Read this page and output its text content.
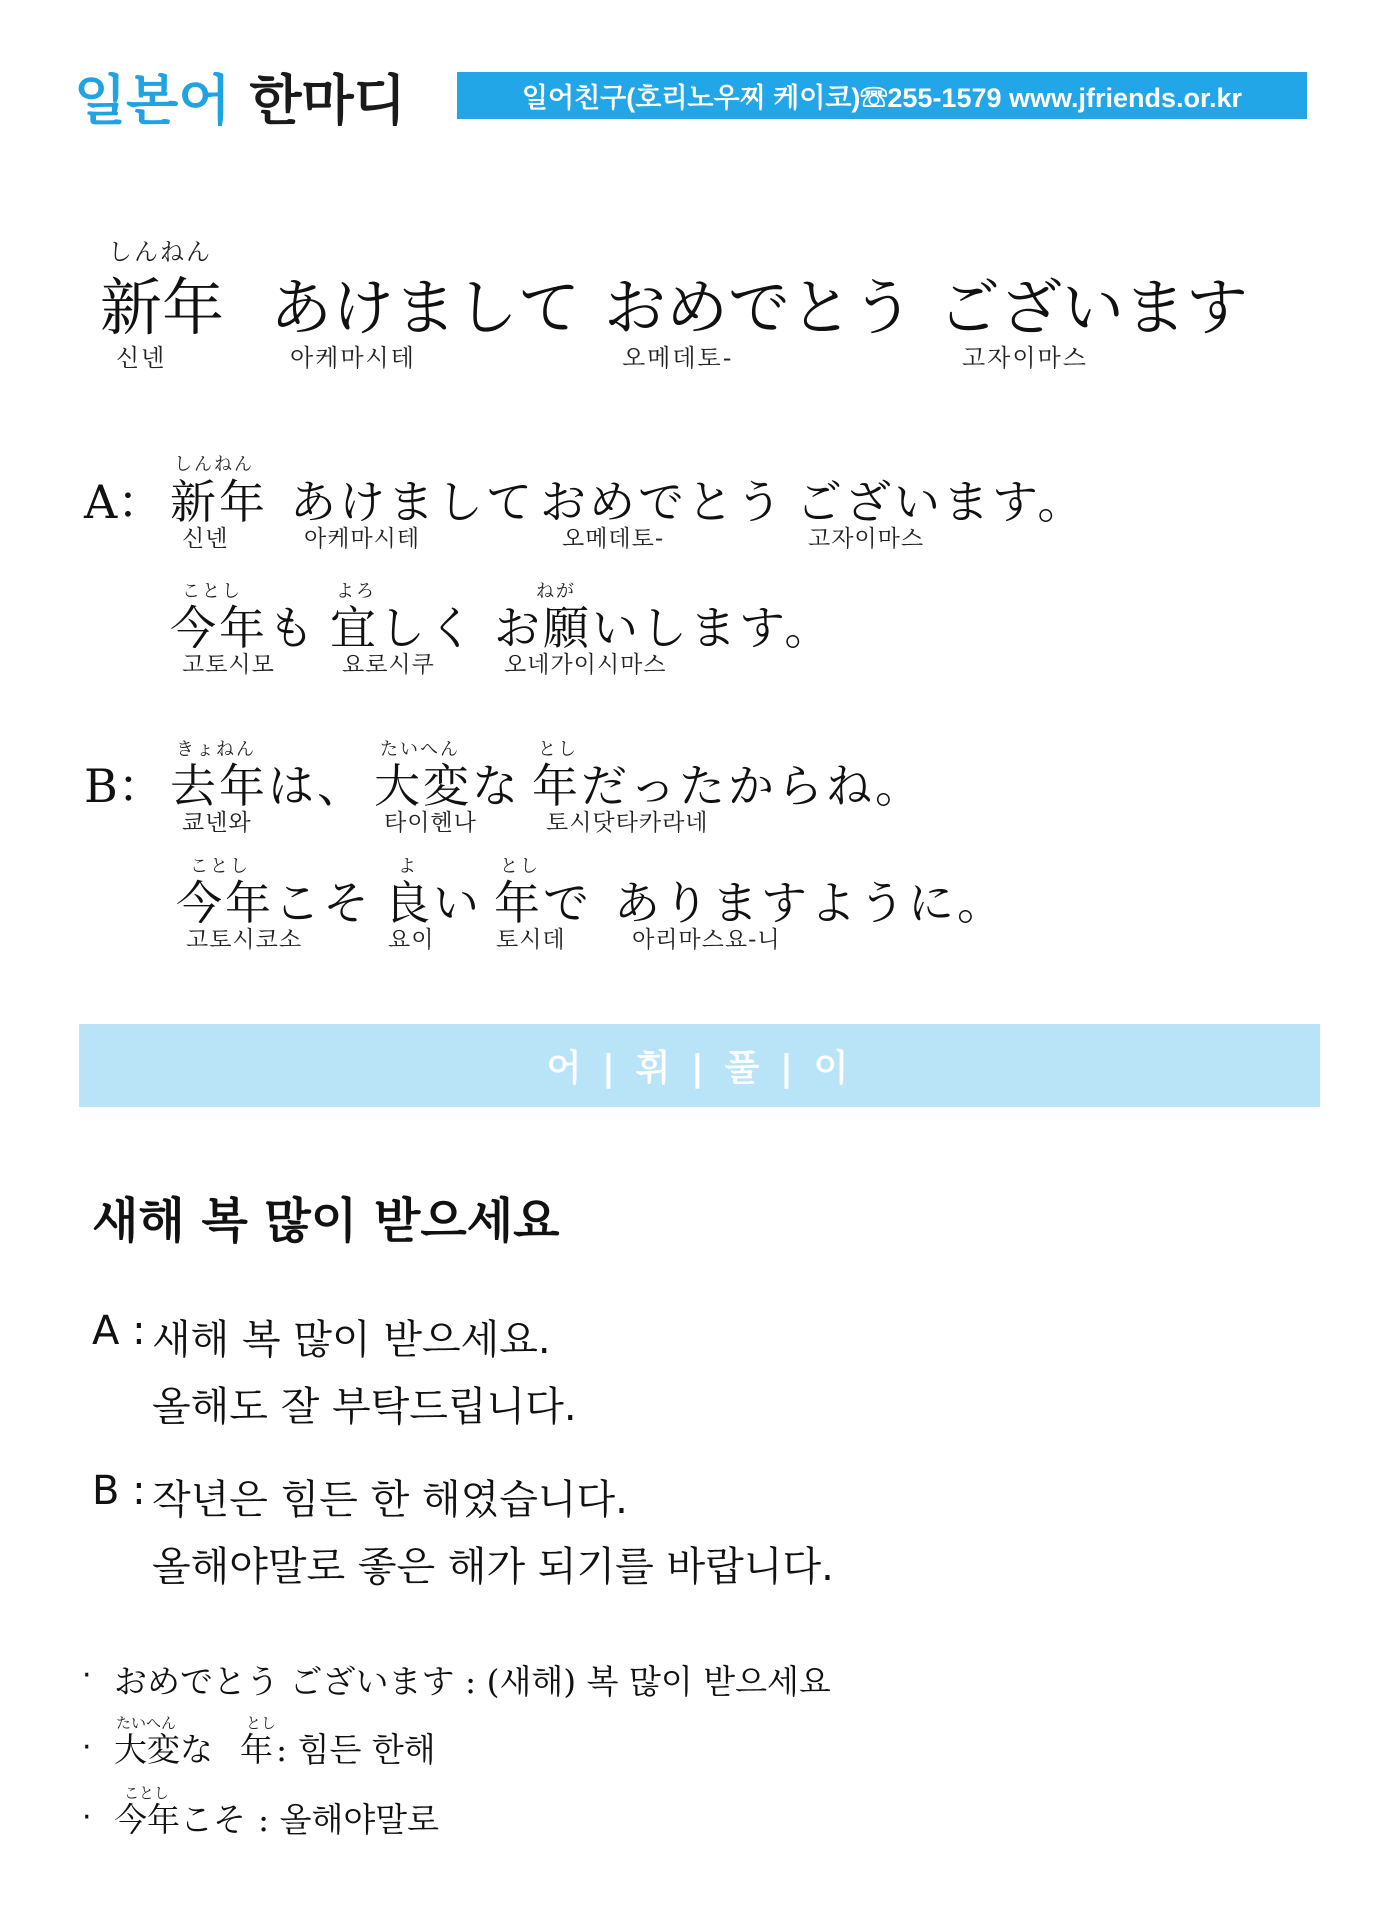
일본어 한마디	일어친구(호리노우찌 케이코)☏255-1579 www.jfriends.or.kr
しんねん
新年 あけまして おめでとう ございます
신넨	아케마시테	오메데토-	고자이마스
A：
しんねん
新年 あけまして おめでとう ございます。
신넨	아케마시테	오메데토-	고자이마스
ことし	よろ	ねが
今年も 宜しく お願いします。
고토시모	요로시쿠	오네가이시마스
B：
きょねん	たいへん	とし
去年は、 大変な 年だったからね。
쿄넨와	타이헨나	토시닷타카라네
ことし	よ	とし
今年こそ 良い 年で ありますように。
고토시코소	요이	토시데	아리마스요-니
어 | 휘 | 풀 | 이
새해 복 많이 받으세요
A : 새해 복 많이 받으세요.
올해도 잘 부탁드립니다.
B : 작년은 힘든 한 해였습니다.
올해야말로 좋은 해가 되기를 바랍니다.
· おめでとう ございます : (새해) 복 많이 받으세요
たいへん	とし
· 大変な 年 : 힘든 한해
ことし
· 今年こそ : 올해야말로
